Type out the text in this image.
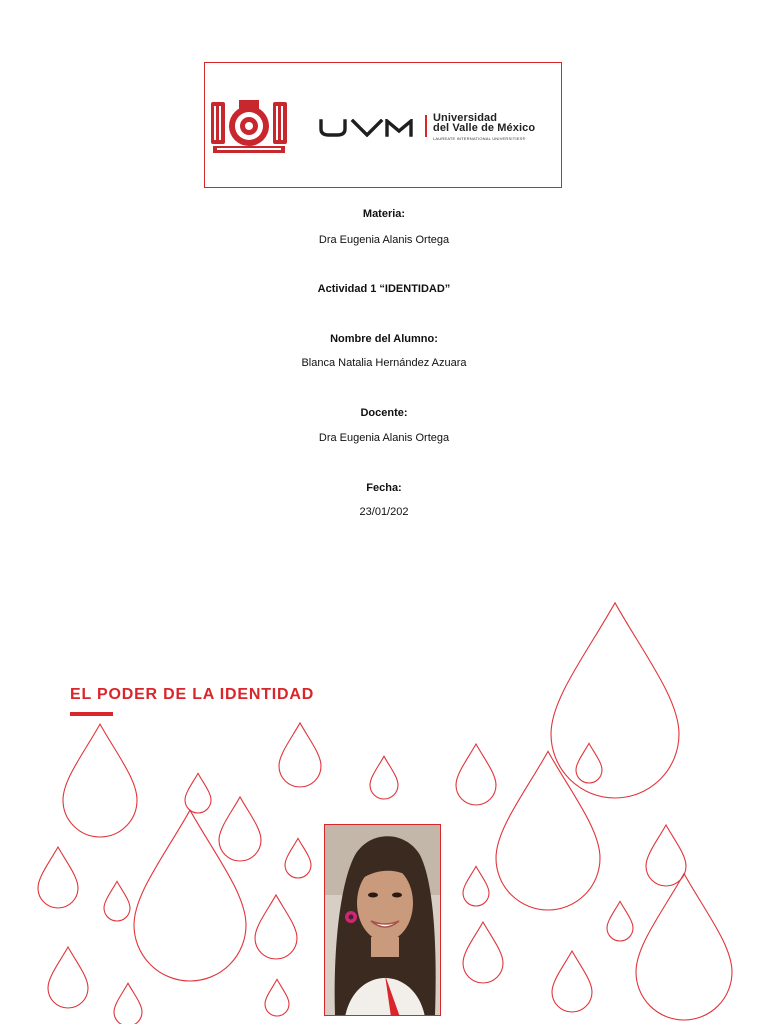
Universidad
del Valle de México
LAUREATE INTERNATIONAL UNIVERSITIES®
Materia:
Dra Eugenia Alanis Ortega
Actividad 1 “IDENTIDAD”
Nombre del Alumno:
Blanca Natalia Hernández Azuara
Docente:
Dra Eugenia Alanis Ortega
Fecha:
23/01/202
EL PODER DE LA IDENTIDAD
